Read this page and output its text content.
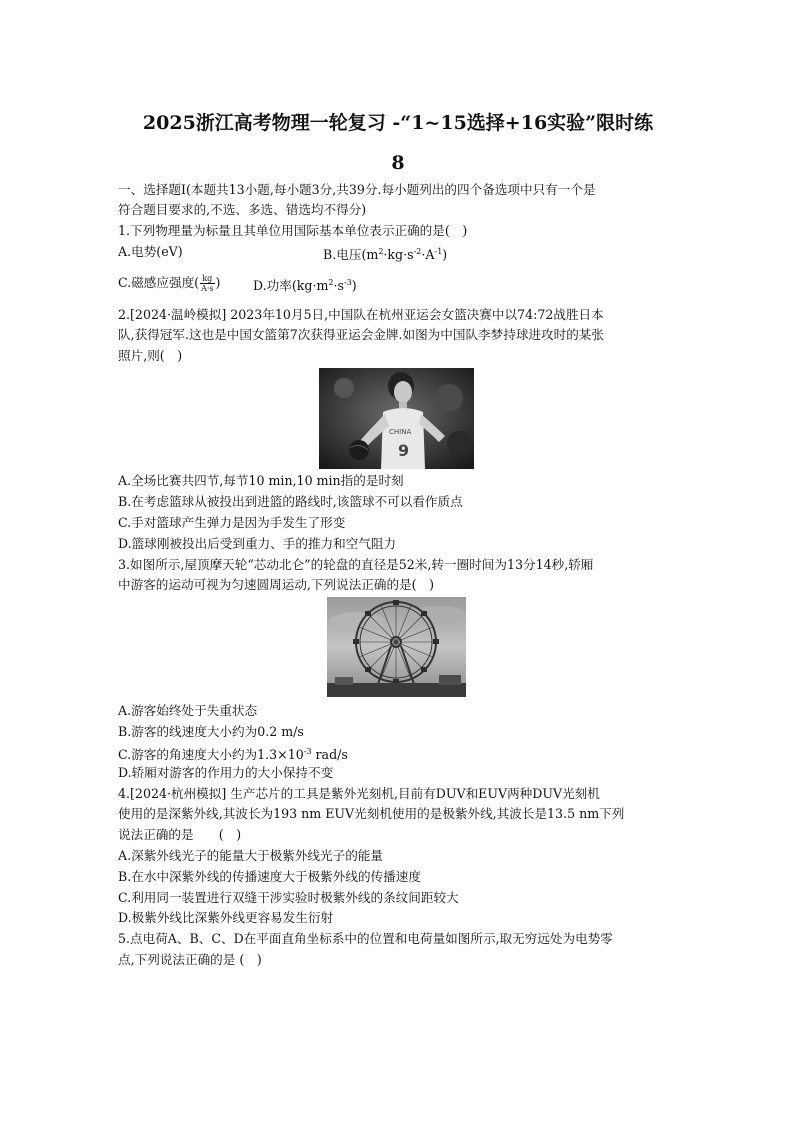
2025浙江高考物理一轮复习 -“1~15选择+16实验”限时练
8
一、选择题Ⅰ(本题共13小题,每小题3分,共39分.每小题列出的四个备选项中只有一个是
符合题目要求的,不选、多选、错选均不得分)
1.下列物理量为标量且其单位用国际基本单位表示正确的是(　)
A.电势(eV)	B.电压$(m^2\cdot kg\cdot s^{-2}\cdot A^{-1})$
C.磁感应强度( $\frac{kg}{A\cdot s}$ )	D.功率$(kg\cdot m^2\cdot s^{-3})$
2.[2024·温岭模拟] 2023年10月5日,中国队在杭州亚运会女篮决赛中以74:72战胜日本
队,获得冠军.这也是中国女篮第7次获得亚运会金牌.如图为中国队李梦持球进攻时的某张
照片,则(　)
CHINA
9
A.全场比赛共四节,每节10 min,10 min指的是时刻
B.在考虑篮球从被投出到进篮的路线时,该篮球不可以看作质点
C.手对篮球产生弹力是因为手发生了形变
D.篮球刚被投出后受到重力、手的推力和空气阻力
3.如图所示,屋顶摩天轮“芯动北仑”的轮盘的直径是52米,转一圈时间为13分14秒,轿厢
中游客的运动可视为匀速圆周运动,下列说法正确的是(　)
A.游客始终处于失重状态
B.游客的线速度大小约为0.2 m/s
C.游客的角速度大小约为$1.3\times 10^{-3}$ rad/s
D.轿厢对游客的作用力的大小保持不变
4.[2024·杭州模拟] 生产芯片的工具是紫外光刻机,目前有DUV和EUV两种DUV光刻机
使用的是深紫外线,其波长为193 nm EUV光刻机使用的是极紫外线,其波长是13.5 nm下列
说法正确的是　　(　)
A.深紫外线光子的能量大于极紫外线光子的能量
B.在水中深紫外线的传播速度大于极紫外线的传播速度
C.利用同一装置进行双缝干涉实验时极紫外线的条纹间距较大
D.极紫外线比深紫外线更容易发生衍射
5.点电荷A、B、C、D在平面直角坐标系中的位置和电荷量如图所示,取无穷远处为电势零
点,下列说法正确的是 (　)
